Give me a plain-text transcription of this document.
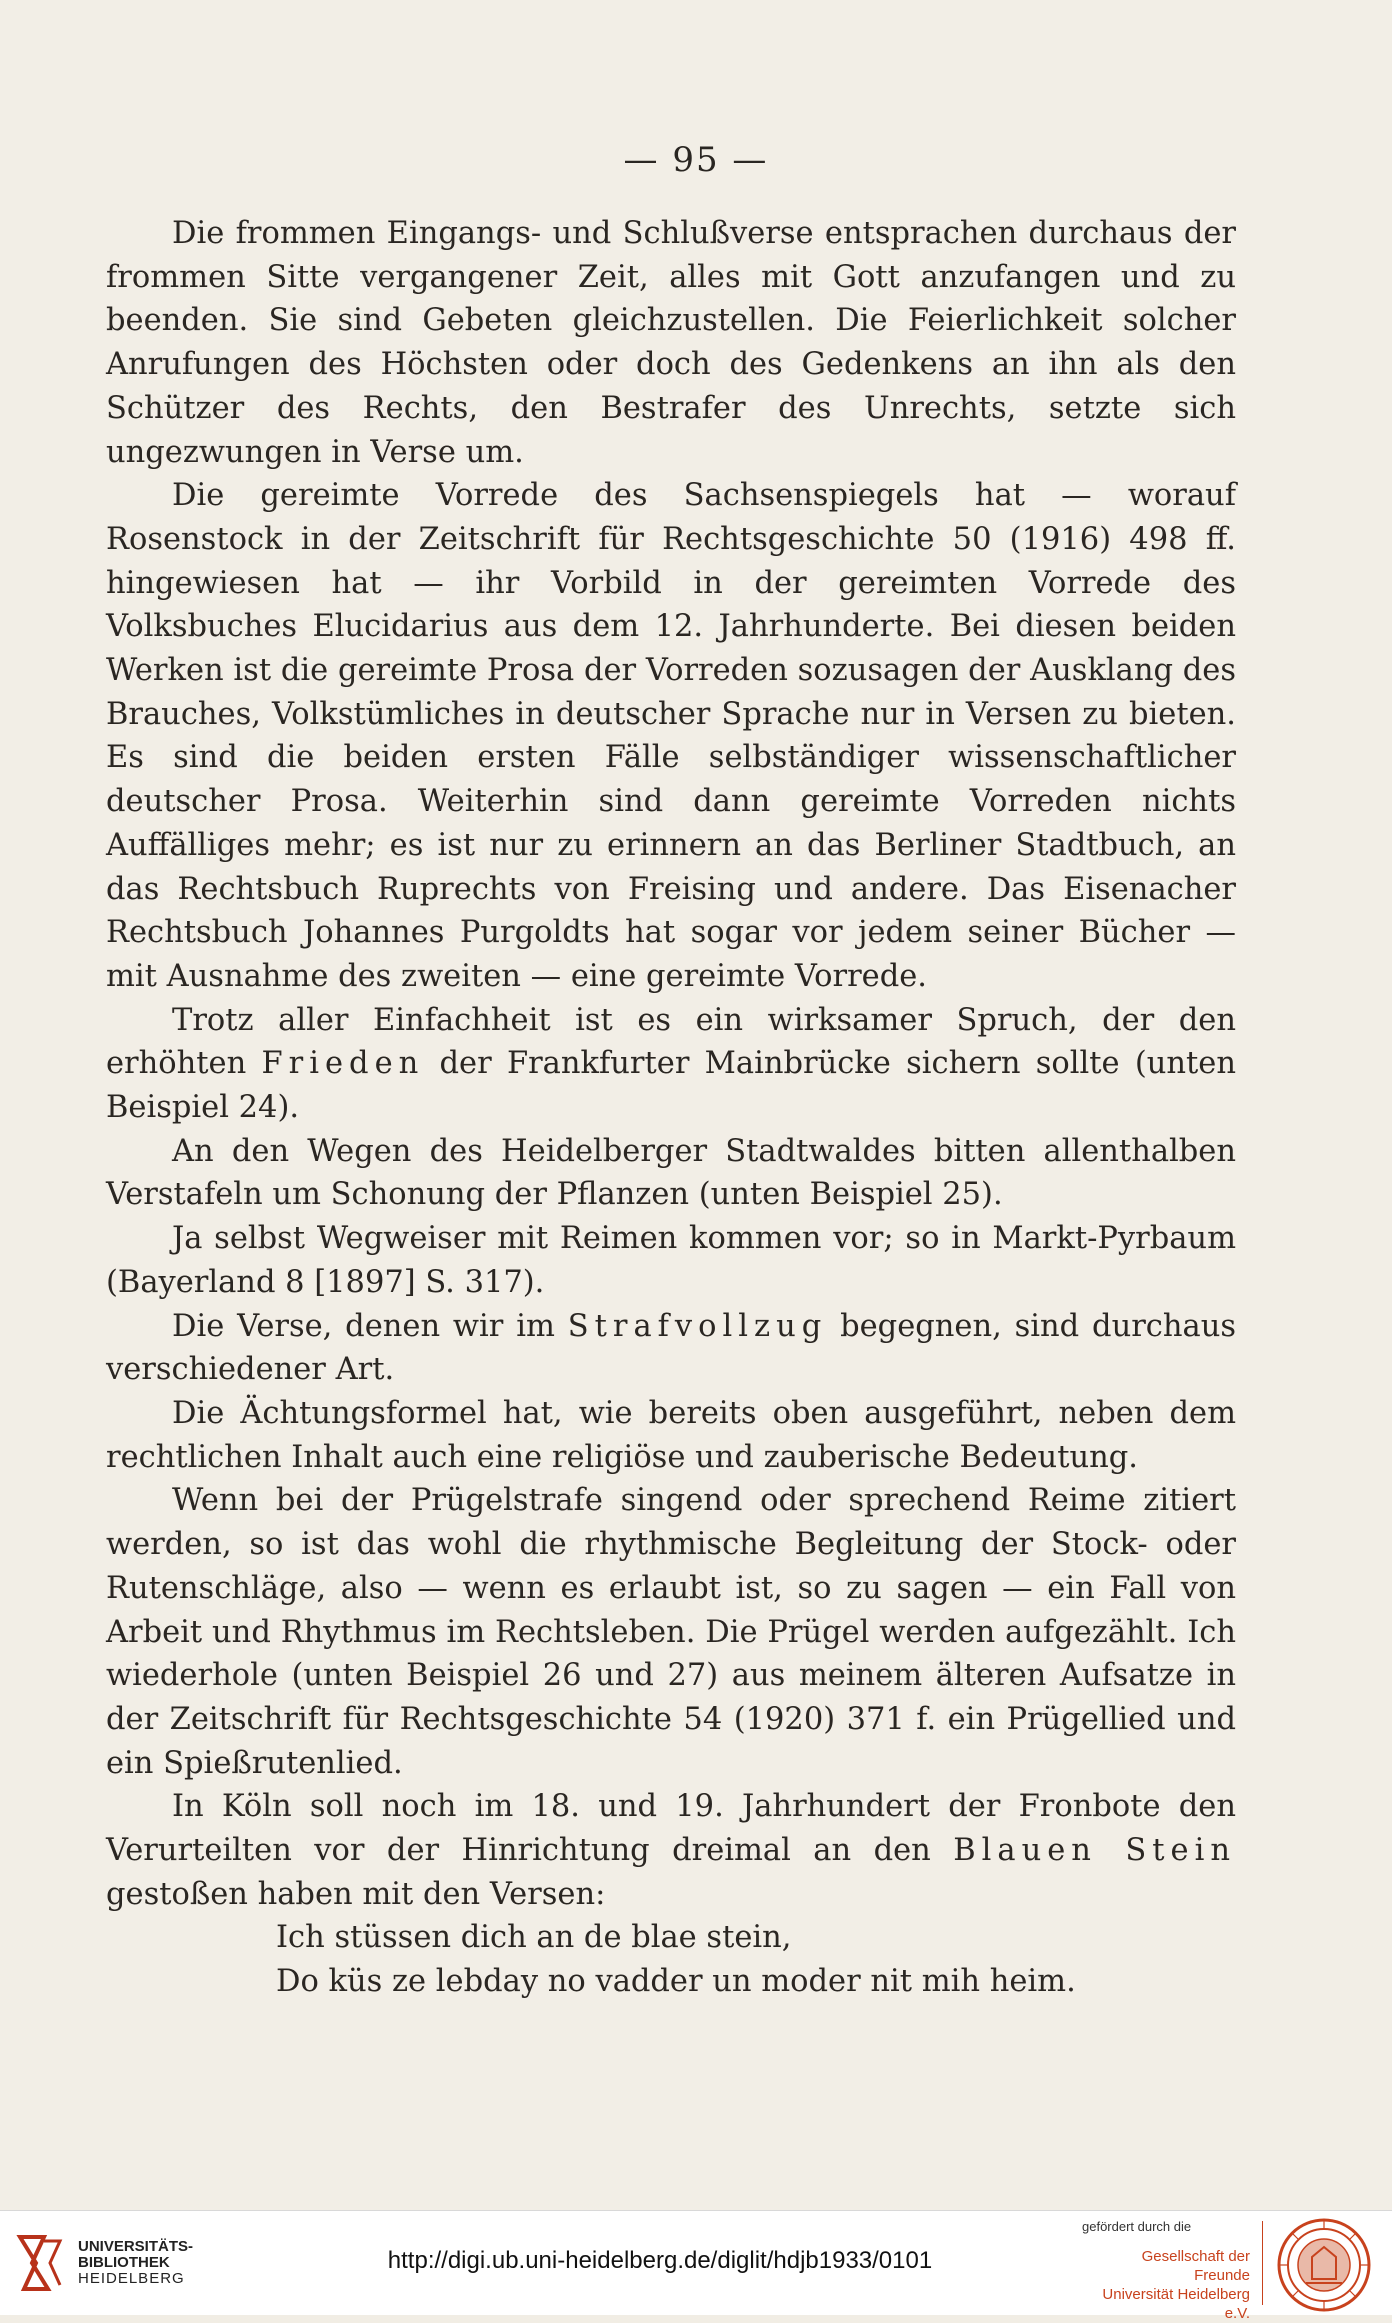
— 95 —

Die frommen Eingangs- und Schlußverse entsprachen durchaus der frommen Sitte vergangener Zeit, alles mit Gott anzufangen und zu beenden. Sie sind Gebeten gleichzustellen. Die Feierlichkeit solcher Anrufungen des Höchsten oder doch des Gedenkens an ihn als den Schützer des Rechts, den Bestrafer des Unrechts, setzte sich ungezwungen in Verse um.

Die gereimte Vorrede des Sachsenspiegels hat — worauf Rosenstock in der Zeitschrift für Rechtsgeschichte 50 (1916) 498 ff. hingewiesen hat — ihr Vorbild in der gereimten Vorrede des Volksbuches Elucidarius aus dem 12. Jahrhunderte. Bei diesen beiden Werken ist die gereimte Prosa der Vorreden sozusagen der Ausklang des Brauches, Volkstümliches in deutscher Sprache nur in Versen zu bieten. Es sind die beiden ersten Fälle selbständiger wissenschaftlicher deutscher Prosa. Weiterhin sind dann gereimte Vorreden nichts Auffälliges mehr; es ist nur zu erinnern an das Berliner Stadtbuch, an das Rechtsbuch Ruprechts von Freising und andere. Das Eisenacher Rechtsbuch Johannes Purgoldts hat sogar vor jedem seiner Bücher — mit Ausnahme des zweiten — eine gereimte Vorrede.

Trotz aller Einfachheit ist es ein wirksamer Spruch, der den erhöhten Frieden der Frankfurter Mainbrücke sichern sollte (unten Beispiel 24).

An den Wegen des Heidelberger Stadtwaldes bitten allenthalben Verstafeln um Schonung der Pflanzen (unten Beispiel 25).

Ja selbst Wegweiser mit Reimen kommen vor; so in Markt-Pyrbaum (Bayerland 8 [1897] S. 317).

Die Verse, denen wir im Strafvollzug begegnen, sind durchaus verschiedener Art.

Die Ächtungsformel hat, wie bereits oben ausgeführt, neben dem rechtlichen Inhalt auch eine religiöse und zauberische Bedeutung.

Wenn bei der Prügelstrafe singend oder sprechend Reime zitiert werden, so ist das wohl die rhythmische Begleitung der Stock- oder Rutenschläge, also — wenn es erlaubt ist, so zu sagen — ein Fall von Arbeit und Rhythmus im Rechtsleben. Die Prügel werden aufgezählt. Ich wiederhole (unten Beispiel 26 und 27) aus meinem älteren Aufsatze in der Zeitschrift für Rechtsgeschichte 54 (1920) 371 f. ein Prügellied und ein Spießrutenlied.

In Köln soll noch im 18. und 19. Jahrhundert der Fronbote den Verurteilten vor der Hinrichtung dreimal an den Blauen Stein gestoßen haben mit den Versen:

Ich stüssen dich an de blae stein,

Do küs ze lebday no vadder un moder nit mih heim.

UNIVERSITÄTS-
BIBLIOTHEK
HEIDELBERG
http://digi.ub.uni-heidelberg.de/diglit/hdjb1933/0101
gefördert durch die
Gesellschaft der Freunde
Universität Heidelberg e.V.
